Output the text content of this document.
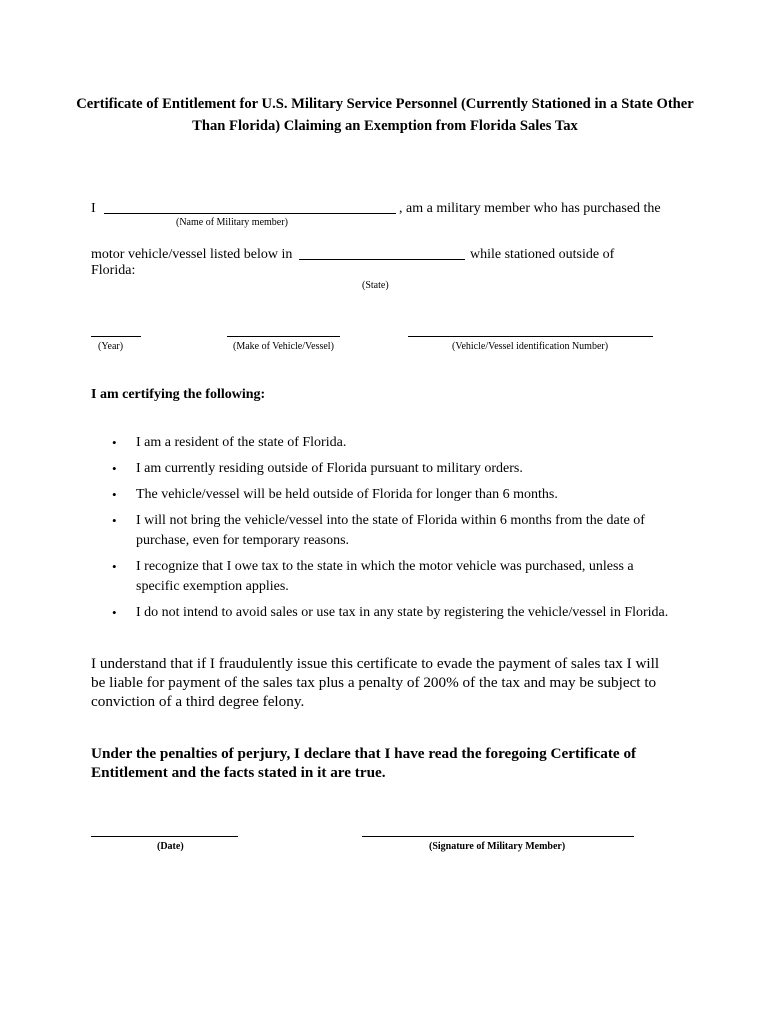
Certificate of Entitlement for U.S. Military Service Personnel (Currently Stationed in a State Other Than Florida) Claiming an Exemption from Florida Sales Tax
I	, am a military member who has purchased the
(Name of Military member)
motor vehicle/vessel listed below in	while stationed outside of
Florida:
(State)
(Year)	(Make of Vehicle/Vessel)	(Vehicle/Vessel identification Number)
I am certifying the following:
• I am a resident of the state of Florida.
• I am currently residing outside of Florida pursuant to military orders.
• The vehicle/vessel will be held outside of Florida for longer than 6 months.
• I will not bring the vehicle/vessel into the state of Florida within 6 months from the date of purchase, even for temporary reasons.
• I recognize that I owe tax to the state in which the motor vehicle was purchased, unless a specific exemption applies.
• I do not intend to avoid sales or use tax in any state by registering the vehicle/vessel in Florida.
I understand that if I fraudulently issue this certificate to evade the payment of sales tax I will be liable for payment of the sales tax plus a penalty of 200% of the tax and may be subject to conviction of a third degree felony.
Under the penalties of perjury, I declare that I have read the foregoing Certificate of Entitlement and the facts stated in it are true.
(Date)	(Signature of Military Member)
